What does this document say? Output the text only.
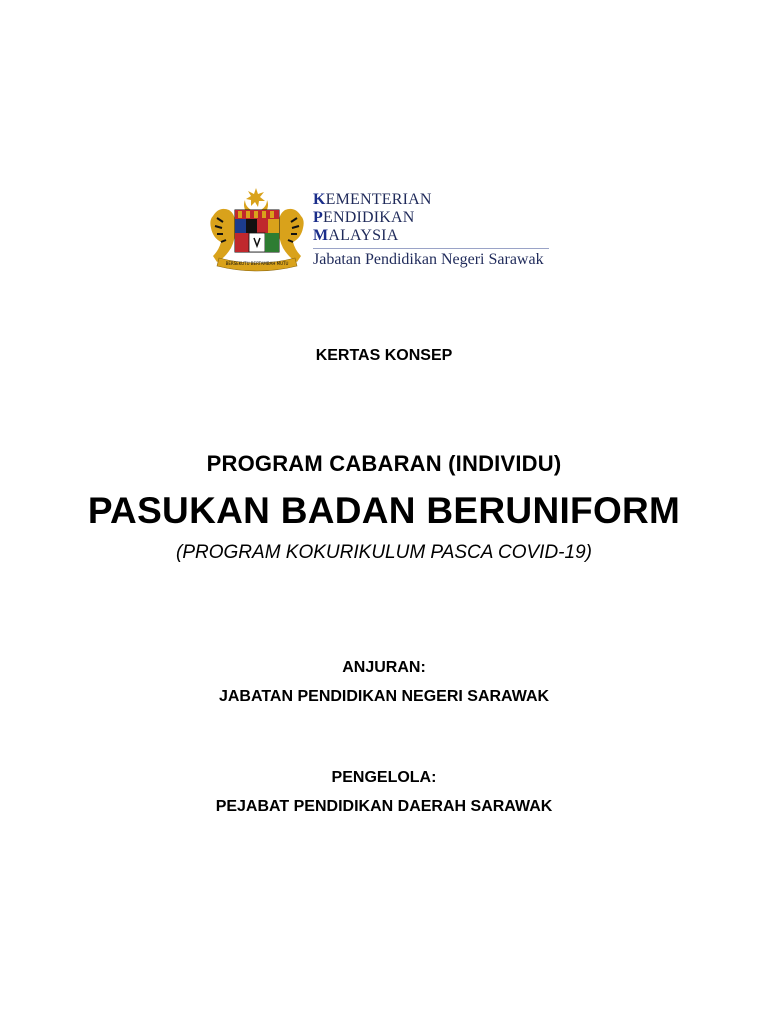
BERSEKUTU BERTAMBAH MUTU
KEMENTERIAN
PENDIDIKAN
MALAYSIA
Jabatan Pendidikan Negeri Sarawak
KERTAS KONSEP
PROGRAM CABARAN (INDIVIDU)
PASUKAN BADAN BERUNIFORM
(PROGRAM KOKURIKULUM PASCA COVID-19)
ANJURAN:
JABATAN PENDIDIKAN NEGERI SARAWAK
PENGELOLA:
PEJABAT PENDIDIKAN DAERAH SARAWAK
